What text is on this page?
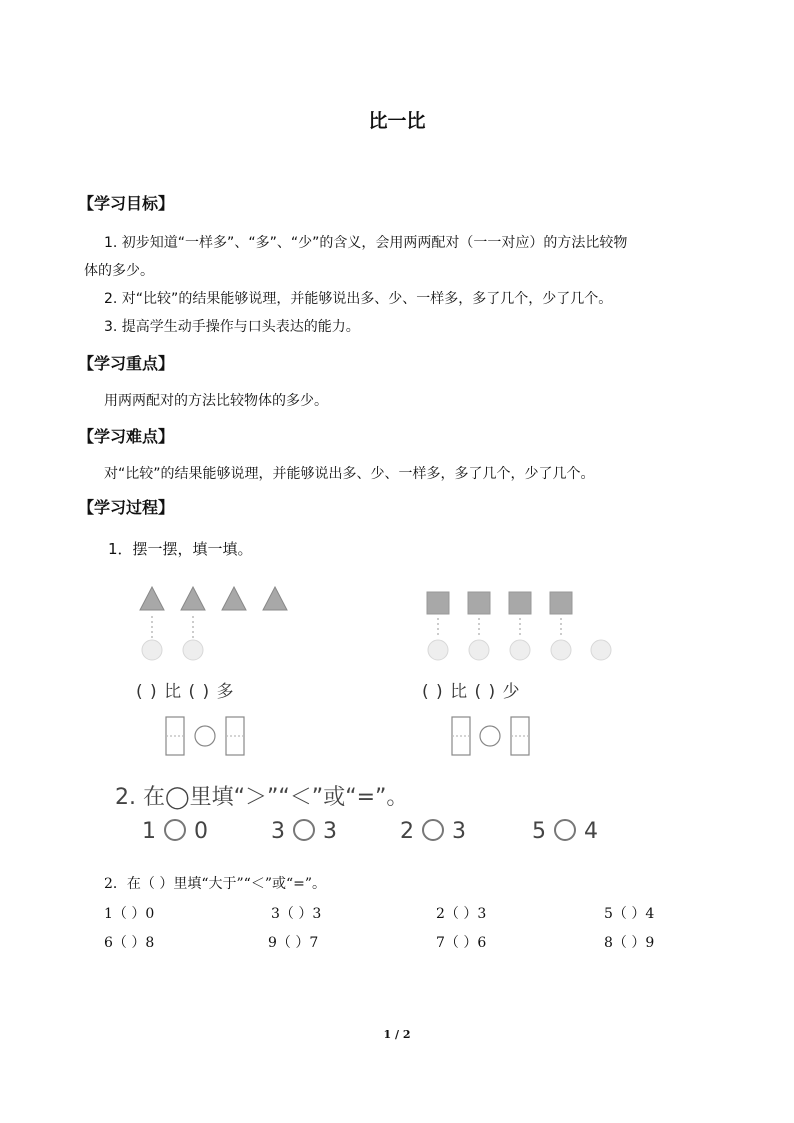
比一比
【学习目标】
1. 初步知道“一样多”、“多”、“少”的含义，会用两两配对（一一对应）的方法比较物
体的多少。
2. 对“比较”的结果能够说理，并能够说出多、少、一样多，多了几个，少了几个。
3. 提高学生动手操作与口头表达的能力。
【学习重点】
用两两配对的方法比较物体的多少。
【学习难点】
对“比较”的结果能够说理，并能够说出多、少、一样多，多了几个，少了几个。
【学习过程】
1．摆一摆，填一填。
( ) 比 ( ) 多	( ) 比 ( ) 少
2. 在◯里填“＞”“＜”或“=”。
1 0	3 3	2 3	5 4
2．在（ ）里填“大于”“＜”或“=”。
1（ ）0	3（ ）3	2（ ）3	5（ ）4
6（ ）8	9（ ）7	7（ ）6	8（ ）9
1 / 2
